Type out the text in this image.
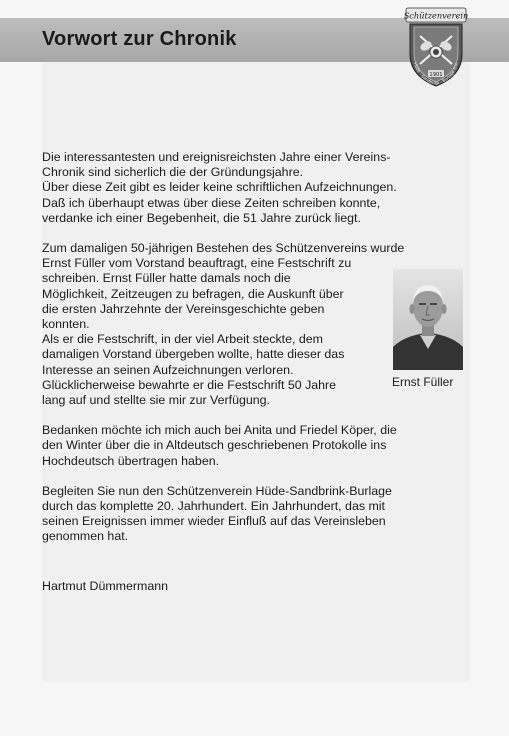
Vorwort zur Chronik
Schützenverein
1901
Hüde - Sandbrink - Burlage e.V.
Die interessantesten und ereignisreichsten Jahre einer Vereins-
Chronik sind sicherlich die der Gründungsjahre.
Über diese Zeit gibt es leider keine schriftlichen Aufzeichnungen.
Daß ich überhaupt etwas über diese Zeiten schreiben konnte,
verdanke ich einer Begebenheit, die 51 Jahre zurück liegt.
Zum damaligen 50-jährigen Bestehen des Schützenvereins wurde
Ernst Füller vom Vorstand beauftragt, eine Festschrift zu
schreiben. Ernst Füller hatte damals noch die
Möglichkeit, Zeitzeugen zu befragen, die Auskunft über
die ersten Jahrzehnte der Vereinsgeschichte geben
konnten.
Als er die Festschrift, in der viel Arbeit steckte, dem
damaligen Vorstand übergeben wollte, hatte dieser das
Interesse an seinen Aufzeichnungen verloren.
Glücklicherweise bewahrte er die Festschrift 50 Jahre
lang auf und stellte sie mir zur Verfügung.
Bedanken möchte ich mich auch bei Anita und Friedel Köper, die
den Winter über die in Altdeutsch geschriebenen Protokolle ins
Hochdeutsch übertragen haben.
Begleiten Sie nun den Schützenverein Hüde-Sandbrink-Burlage
durch das komplette 20. Jahrhundert. Ein Jahrhundert, das mit
seinen Ereignissen immer wieder Einfluß auf das Vereinsleben
genommen hat.
Ernst Füller
Hartmut Dümmermann
